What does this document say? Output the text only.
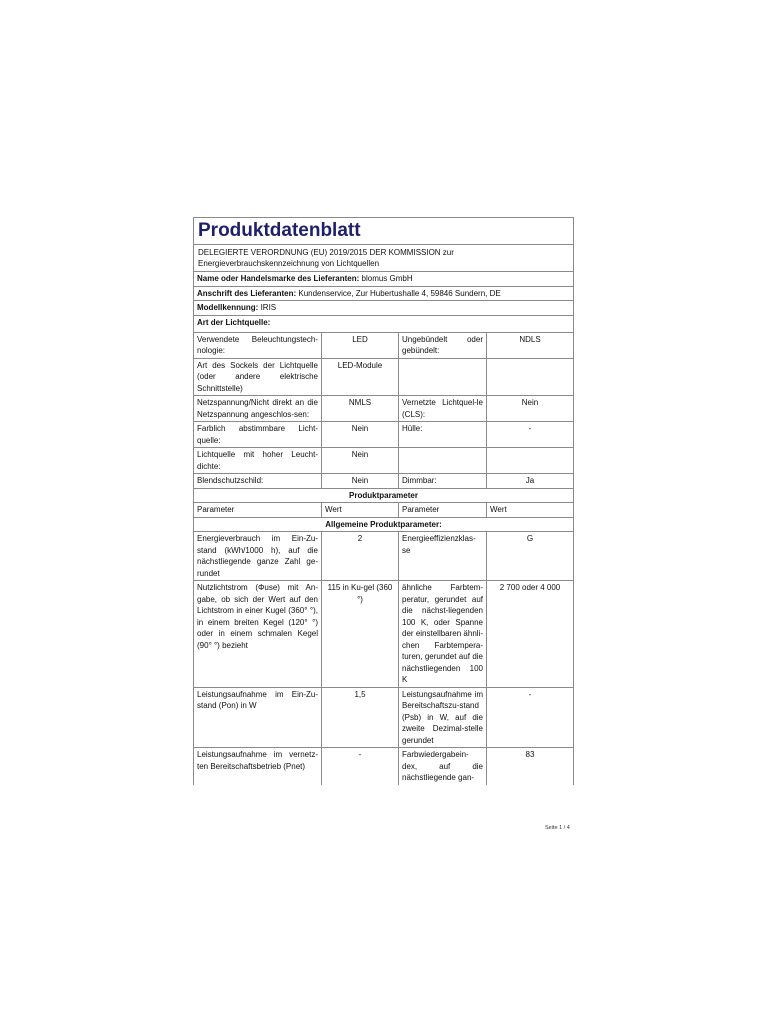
Produktdatenblatt			
DELEGIERTE VERORDNUNG (EU) 2019/2015 DER KOMMISSION zur Energieverbrauchskennzeichnung von Lichtquellen			
Name oder Handelsmarke des Lieferanten: blomus GmbH			
Anschrift des Lieferanten: Kundenservice, Zur Hubertushalle 4, 59846 Sundern, DE			
Modellkennung: IRIS			
Art der Lichtquelle:			
Verwendete Beleuchtungstech-nologie:	LED	Ungebündelt oder gebündelt:	NDLS
Art des Sockels der Lichtquelle (oder andere elektrische Schnittstelle)	LED-Module		
Netzspannung/Nicht direkt an die Netzspannung angeschlos-sen:	NMLS	Vernetzte Lichtquel-le (CLS):	Nein
Farblich abstimmbare Licht-quelle:	Nein	Hülle:	-
Lichtquelle mit hoher Leucht-dichte:	Nein		
Blendschutzschild:	Nein	Dimmbar:	Ja
Produktparameter			
Parameter	Wert	Parameter	Wert
Allgemeine Produktparameter:			
Energieverbrauch im Ein-Zu-stand (kWh/1000 h), auf die nächstliegende ganze Zahl ge-rundet	2	Energieeffizienzklas-se	G
Nutzlichtstrom (Φuse) mit An-gabe, ob sich der Wert auf den Lichtstrom in einer Kugel (360° °), in einem breiten Kegel (120° °) oder in einem schmalen Kegel (90° °) bezieht	115 in Ku-gel (360 °)	ähnliche Farbtem-peratur, gerundet auf die nächst-liegenden 100 K, oder Spanne der einstellbaren ähnli-chen Farbtempera-turen, gerundet auf die nächstliegenden 100 K	2 700 oder 4 000
Leistungsaufnahme im Ein-Zu-stand (Pon) in W	1,5	Leistungsaufnahme im Bereitschaftszu-stand (Psb) in W, auf die zweite Dezimal-stelle gerundet	-
Leistungsaufnahme im vernetz-ten Bereitschaftsbetrieb (Pnet)	-	Farbwiedergabein-dex, auf die nächstliegende gan-	83
Seite 1 / 4
